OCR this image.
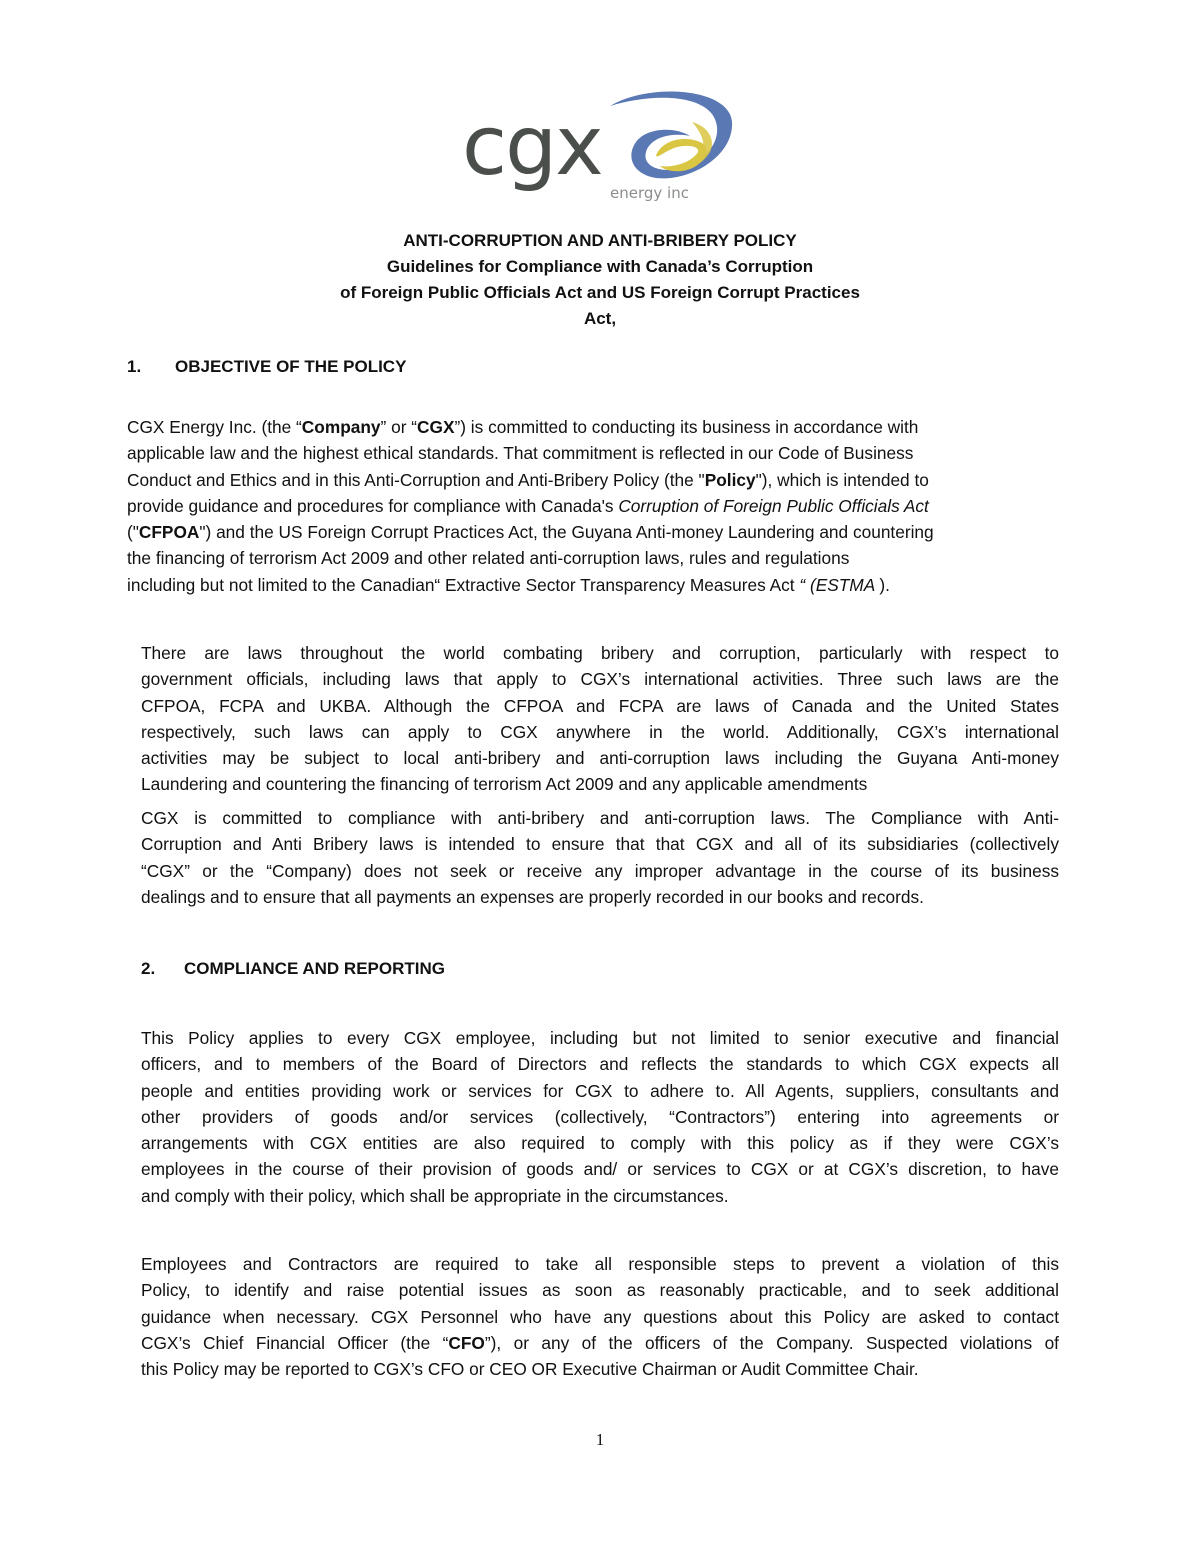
cgx energy inc
ANTI-CORRUPTION AND ANTI-BRIBERY POLICY
Guidelines for Compliance with Canada’s Corruption
of Foreign Public Officials Act and US Foreign Corrupt Practices
Act,
1. OBJECTIVE OF THE POLICY
CGX Energy Inc. (the “Company” or “CGX”) is committed to conducting its business in accordance with
applicable law and the highest ethical standards. That commitment is reflected in our Code of Business
Conduct and Ethics and in this Anti-Corruption and Anti-Bribery Policy (the "Policy"), which is intended to
provide guidance and procedures for compliance with Canada's Corruption of Foreign Public Officials Act
("CFPOA") and the US Foreign Corrupt Practices Act, the Guyana Anti-money Laundering and countering
the financing of terrorism Act 2009 and other related anti-corruption laws, rules and regulations
including but not limited to the Canadian“ Extractive Sector Transparency Measures Act “ (ESTMA ).
There are laws throughout the world combating bribery and corruption, particularly with respect to
government officials, including laws that apply to CGX’s international activities. Three such laws are the
CFPOA, FCPA and UKBA. Although the CFPOA and FCPA are laws of Canada and the United States
respectively, such laws can apply to CGX anywhere in the world. Additionally, CGX’s international
activities may be subject to local anti-bribery and anti-corruption laws including the Guyana Anti-money
Laundering and countering the financing of terrorism Act 2009 and any applicable amendments
CGX is committed to compliance with anti-bribery and anti-corruption laws. The Compliance with Anti-
Corruption and Anti Bribery laws is intended to ensure that that CGX and all of its subsidiaries (collectively
“CGX” or the “Company) does not seek or receive any improper advantage in the course of its business
dealings and to ensure that all payments an expenses are properly recorded in our books and records.
2. COMPLIANCE AND REPORTING
This Policy applies to every CGX employee, including but not limited to senior executive and financial
officers, and to members of the Board of Directors and reflects the standards to which CGX expects all
people and entities providing work or services for CGX to adhere to. All Agents, suppliers, consultants and
other providers of goods and/or services (collectively, “Contractors”) entering into agreements or
arrangements with CGX entities are also required to comply with this policy as if they were CGX’s
employees in the course of their provision of goods and/ or services to CGX or at CGX’s discretion, to have
and comply with their policy, which shall be appropriate in the circumstances.
Employees and Contractors are required to take all responsible steps to prevent a violation of this
Policy, to identify and raise potential issues as soon as reasonably practicable, and to seek additional
guidance when necessary. CGX Personnel who have any questions about this Policy are asked to contact
CGX’s Chief Financial Officer (the “CFO”), or any of the officers of the Company. Suspected violations of
this Policy may be reported to CGX’s CFO or CEO OR Executive Chairman or Audit Committee Chair.
1
